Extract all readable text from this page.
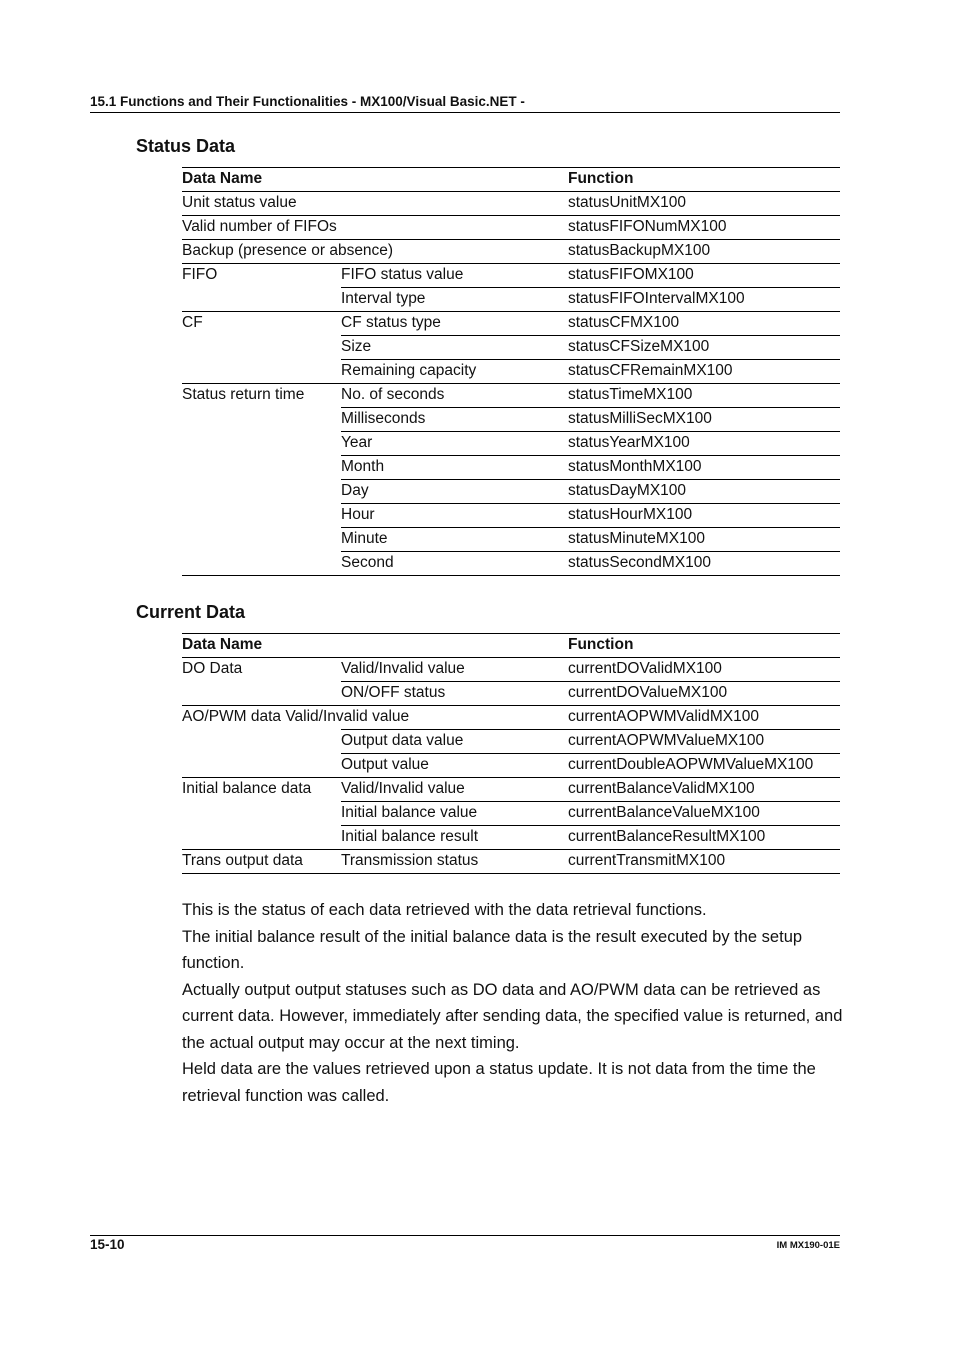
15.1 Functions and Their Functionalities - MX100/Visual Basic.NET -
Status Data
Data Name		Function
Unit status value		statusUnitMX100
Valid number of FIFOs		statusFIFONumMX100
Backup (presence or absence)		statusBackupMX100
FIFO	FIFO status value	statusFIFOMX100
	Interval type	statusFIFOIntervalMX100
CF	CF status type	statusCFMX100
	Size	statusCFSizeMX100
	Remaining capacity	statusCFRemainMX100
Status return time	No. of seconds	statusTimeMX100
	Milliseconds	statusMilliSecMX100
	Year	statusYearMX100
	Month	statusMonthMX100
	Day	statusDayMX100
	Hour	statusHourMX100
	Minute	statusMinuteMX100
	Second	statusSecondMX100
Current Data
Data Name		Function
DO Data	Valid/Invalid value	currentDOValidMX100
	ON/OFF status	currentDOValueMX100
AO/PWM data Valid/Invalid value		currentAOPWMValidMX100
	Output data value	currentAOPWMValueMX100
	Output value	currentDoubleAOPWMValueMX100
Initial balance data	Valid/Invalid value	currentBalanceValidMX100
	Initial balance value	currentBalanceValueMX100
	Initial balance result	currentBalanceResultMX100
Trans output data	Transmission status	currentTransmitMX100

This is the status of each data retrieved with the data retrieval functions.

The initial balance result of the initial balance data is the result executed by the setup function.

Actually output output statuses such as DO data and AO/PWM data can be retrieved as current data. However, immediately after sending data, the specified value is returned, and the actual output may occur at the next timing.

Held data are the values retrieved upon a status update. It is not data from the time the retrieval function was called.

15-10	IM MX190-01E
